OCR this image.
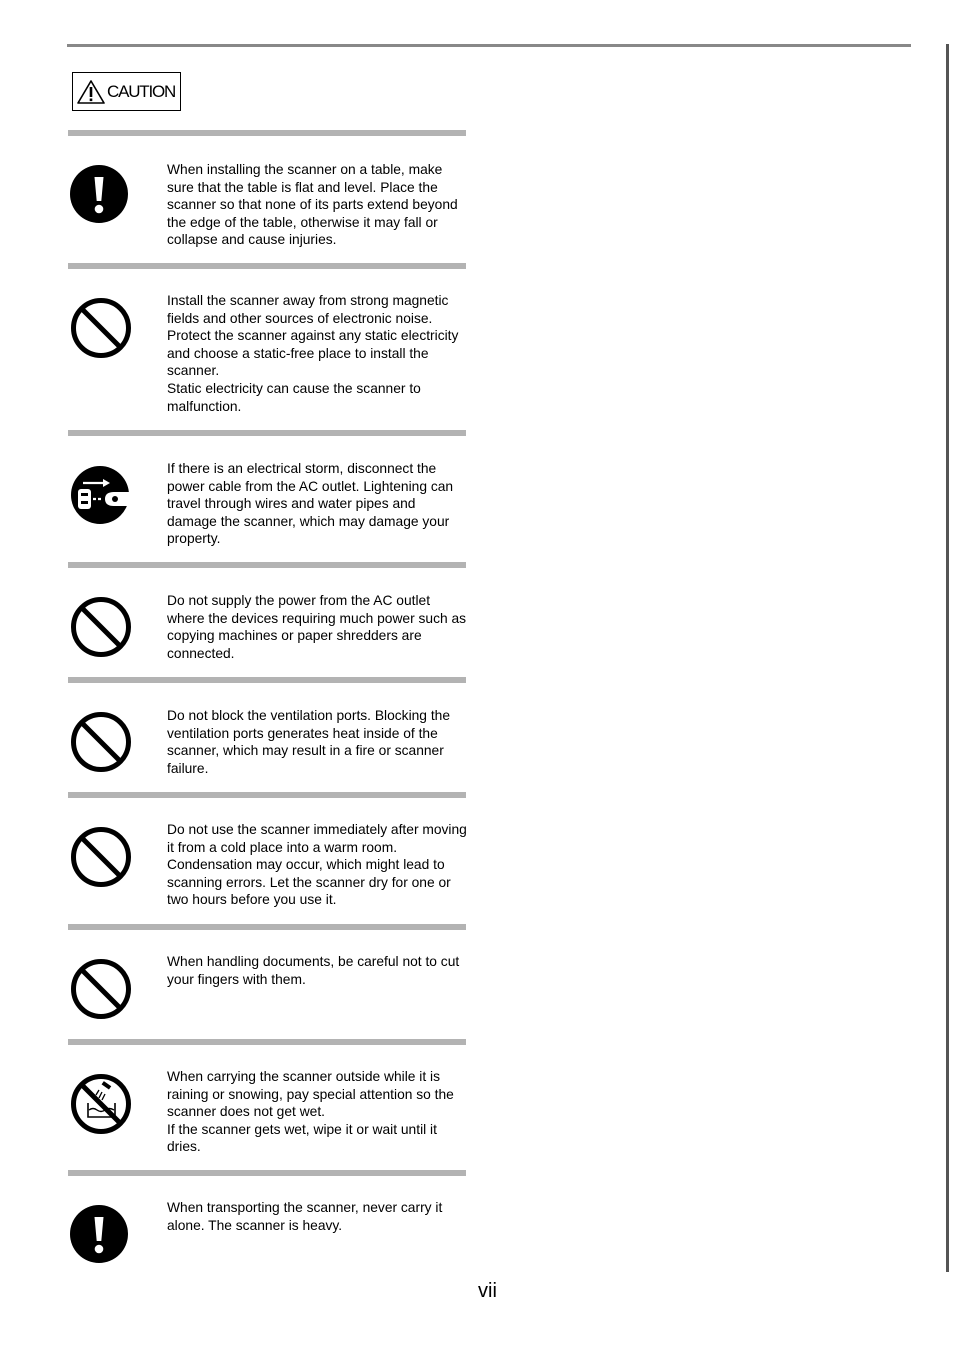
CAUTION
When installing the scanner on a table, make sure that the table is flat and level. Place the scanner so that none of its parts extend beyond the edge of the table, otherwise it may fall or collapse and cause injuries.
Install the scanner away from strong magnetic fields and other sources of electronic noise. Protect the scanner against any static electricity and choose a static-free place to install the scanner.
Static electricity can cause the scanner to malfunction.
If there is an electrical storm, disconnect the power cable from the AC outlet. Lightening can travel through wires and water pipes and damage the scanner, which may damage your property.
Do not supply the power from the AC outlet where the devices requiring much power such as copying machines or paper shredders are connected.
Do not block the ventilation ports. Blocking the ventilation ports generates heat inside of the scanner, which may result in a fire or scanner failure.
Do not use the scanner immediately after moving it from a cold place into a warm room. Condensation may occur, which might lead to scanning errors. Let the scanner dry for one or two hours before you use it.
When handling documents, be careful not to cut your fingers with them.
When carrying the scanner outside while it is raining or snowing, pay special attention so the scanner does not get wet.
If the scanner gets wet, wipe it or wait until it dries.
When transporting the scanner, never carry it alone. The scanner is heavy.
vii
